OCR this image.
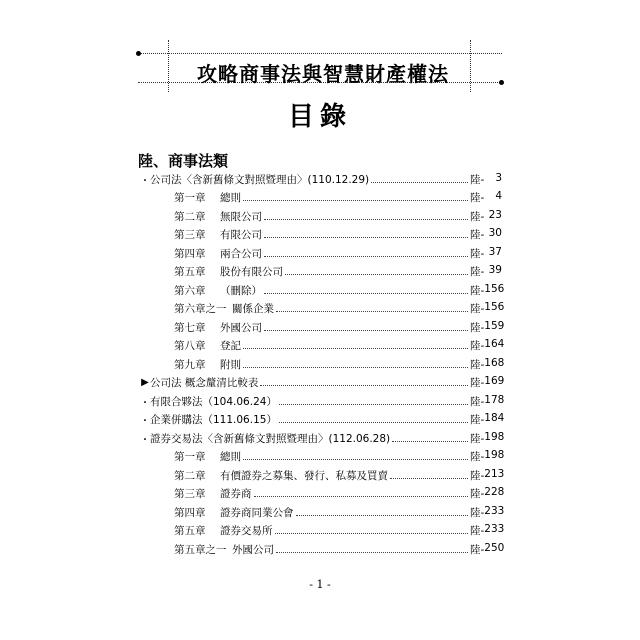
攻略商事法與智慧財產權法
目錄
陸、商事法類
・ 公司法〈含新舊條文對照暨理由〉(110.12.29)	陸- 3
第一章	總則	陸- 4
第二章	無限公司	陸- 23
第三章	有限公司	陸- 30
第四章	兩合公司	陸- 37
第五章	股份有限公司	陸- 39
第六章	（刪除）	陸- 156
第六章之一 關係企業	陸- 156
第七章	外國公司	陸- 159
第八章	登記	陸- 164
第九章	附則	陸- 168
▶ 公司法 概念釐清比較表	陸- 169
・ 有限合夥法（104.06.24）	陸- 178
・ 企業併購法（111.06.15）	陸- 184
・ 證券交易法〈含新舊條文對照暨理由〉(112.06.28)	陸- 198
第一章	總則	陸- 198
第二章	有價證券之募集、發行、私募及買賣	陸- 213
第三章	證券商	陸- 228
第四章	證券商同業公會	陸- 233
第五章	證券交易所	陸- 233
第五章之一 外國公司	陸- 250
- 1 -
